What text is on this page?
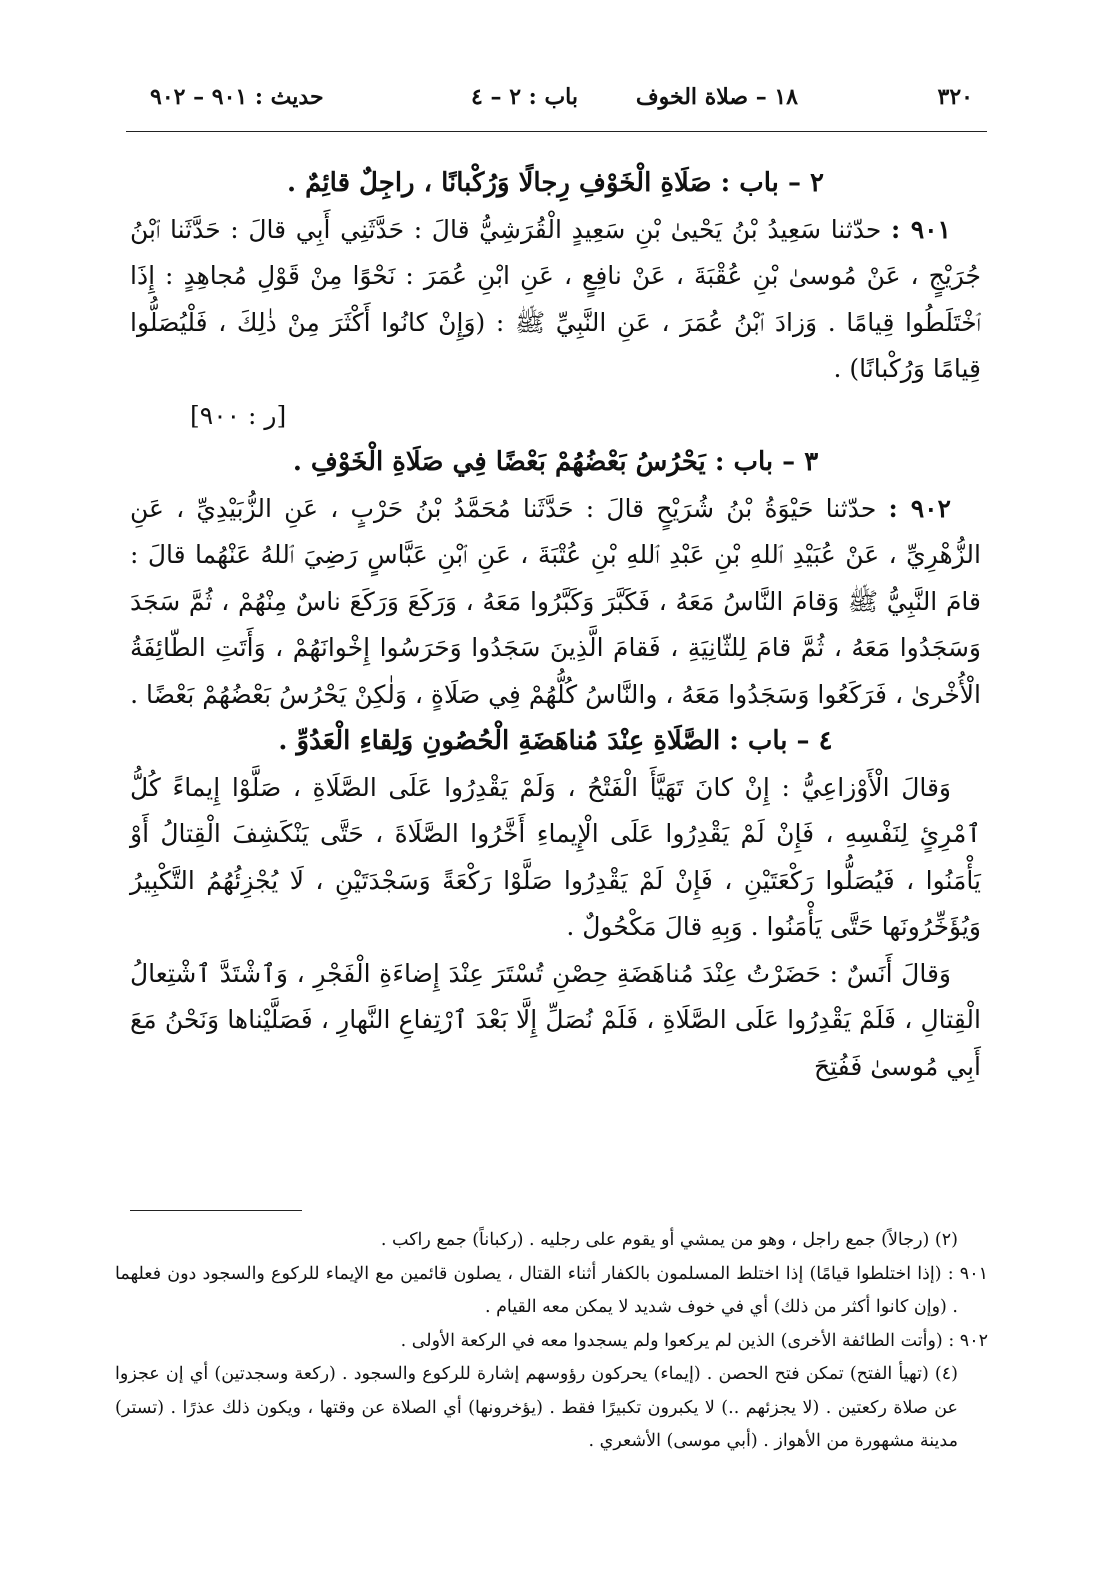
٣٢٠
١٨ – صلاة الخوف
باب : ٢ – ٤
حديث : ٩٠١ – ٩٠٢
٢ – باب : صَلَاةِ الْخَوْفِ رِجالًا وَرُكْبانًا ، راجِلٌ قائِمٌ .

٩٠١ : حدّثنا سَعِيدُ بْنُ يَحْيىٰ بْنِ سَعِيدٍ الْقُرَشِيُّ قالَ : حَدَّثَنِي أَبِي قالَ : حَدَّثَنا ٱبْنُ جُرَيْجٍ ، عَنْ مُوسىٰ بْنِ عُقْبَةَ ، عَنْ نافِعٍ ، عَنِ ابْنِ عُمَرَ : نَحْوًا مِنْ قَوْلِ مُجاهِدٍ : إِذَا ٱخْتَلَطُوا قِيامًا . وَزادَ ٱبْنُ عُمَرَ ، عَنِ النَّبِيِّ ﷺ : (وَإِنْ كانُوا أَكْثَرَ مِنْ ذٰلِكَ ، فَلْيُصَلُّوا قِيامًا وَرُكْبانًا) .

[ر : ٩٠٠]

٣ – باب : يَحْرُسُ بَعْضُهُمْ بَعْضًا فِي صَلَاةِ الْخَوْفِ .

٩٠٢ : حدّثنا حَيْوَةُ بْنُ شُرَيْحٍ قالَ : حَدَّثَنا مُحَمَّدُ بْنُ حَرْبٍ ، عَنِ الزُّبَيْدِيِّ ، عَنِ الزُّهْرِيِّ ، عَنْ عُبَيْدِ ٱللهِ بْنِ عَبْدِ ٱللهِ بْنِ عُتْبَةَ ، عَنِ ٱبْنِ عَبَّاسٍ رَضِيَ ٱللهُ عَنْهُما قالَ : قامَ النَّبِيُّ ﷺ وَقامَ النَّاسُ مَعَهُ ، فَكَبَّرَ وَكَبَّرُوا مَعَهُ ، وَرَكَعَ وَرَكَعَ ناسٌ مِنْهُمْ ، ثُمَّ سَجَدَ وَسَجَدُوا مَعَهُ ، ثُمَّ قامَ لِلثّانِيَةِ ، فَقامَ الَّذِينَ سَجَدُوا وَحَرَسُوا إِخْوانَهُمْ ، وَأَتَتِ الطّائِفَةُ الْأُخْرىٰ ، فَرَكَعُوا وَسَجَدُوا مَعَهُ ، والنَّاسُ كُلُّهُمْ فِي صَلَاةٍ ، وَلٰكِنْ يَحْرُسُ بَعْضُهُمْ بَعْضًا .

٤ – باب : الصَّلَاةِ عِنْدَ مُناهَضَةِ الْحُصُونِ وَلِقاءِ الْعَدُوِّ .

وَقالَ الْأَوْزاعِيُّ : إِنْ كانَ تَهَيَّأَ الْفَتْحُ ، وَلَمْ يَقْدِرُوا عَلَى الصَّلَاةِ ، صَلَّوْا إِيماءً كُلُّ ٱمْرِئٍ لِنَفْسِهِ ، فَإِنْ لَمْ يَقْدِرُوا عَلَى الْإِيماءِ أَخَّرُوا الصَّلَاةَ ، حَتَّى يَنْكَشِفَ الْقِتالُ أَوْ يَأْمَنُوا ، فَيُصَلُّوا رَكْعَتَيْنِ ، فَإِنْ لَمْ يَقْدِرُوا صَلَّوْا رَكْعَةً وَسَجْدَتَيْنِ ، لَا يُجْزِئُهُمُ التَّكْبِيرُ وَيُؤَخِّرُونَها حَتَّى يَأْمَنُوا . وَبِهِ قالَ مَكْحُولٌ .

وَقالَ أَنَسٌ : حَضَرْتُ عِنْدَ مُناهَضَةِ حِصْنِ تُسْتَرَ عِنْدَ إِضاءَةِ الْفَجْرِ ، وَٱشْتَدَّ ٱشْتِعالُ الْقِتالِ ، فَلَمْ يَقْدِرُوا عَلَى الصَّلَاةِ ، فَلَمْ نُصَلِّ إِلَّا بَعْدَ ٱرْتِفاعِ النَّهارِ ، فَصَلَّيْناها وَنَحْنُ مَعَ أَبِي مُوسىٰ فَفُتِحَ

(٢) (رجالاً) جمع راجل ، وهو من يمشي أو يقوم على رجليه . (ركباناً) جمع راكب .

٩٠١ : (إذا اختلطوا قيامًا) إذا اختلط المسلمون بالكفار أثناء القتال ، يصلون قائمين مع الإيماء للركوع والسجود دون فعلهما . (وإن كانوا أكثر من ذلك) أي في خوف شديد لا يمكن معه القيام .

٩٠٢ : (وأتت الطائفة الأخرى) الذين لم يركعوا ولم يسجدوا معه في الركعة الأولى .

(٤) (تهيأ الفتح) تمكن فتح الحصن . (إيماء) يحركون رؤوسهم إشارة للركوع والسجود . (ركعة وسجدتين) أي إن عجزوا عن صلاة ركعتين . (لا يجزئهم ..) لا يكبرون تكبيرًا فقط . (يؤخرونها) أي الصلاة عن وقتها ، ويكون ذلك عذرًا . (تستر) مدينة مشهورة من الأهواز . (أبي موسى) الأشعري .
